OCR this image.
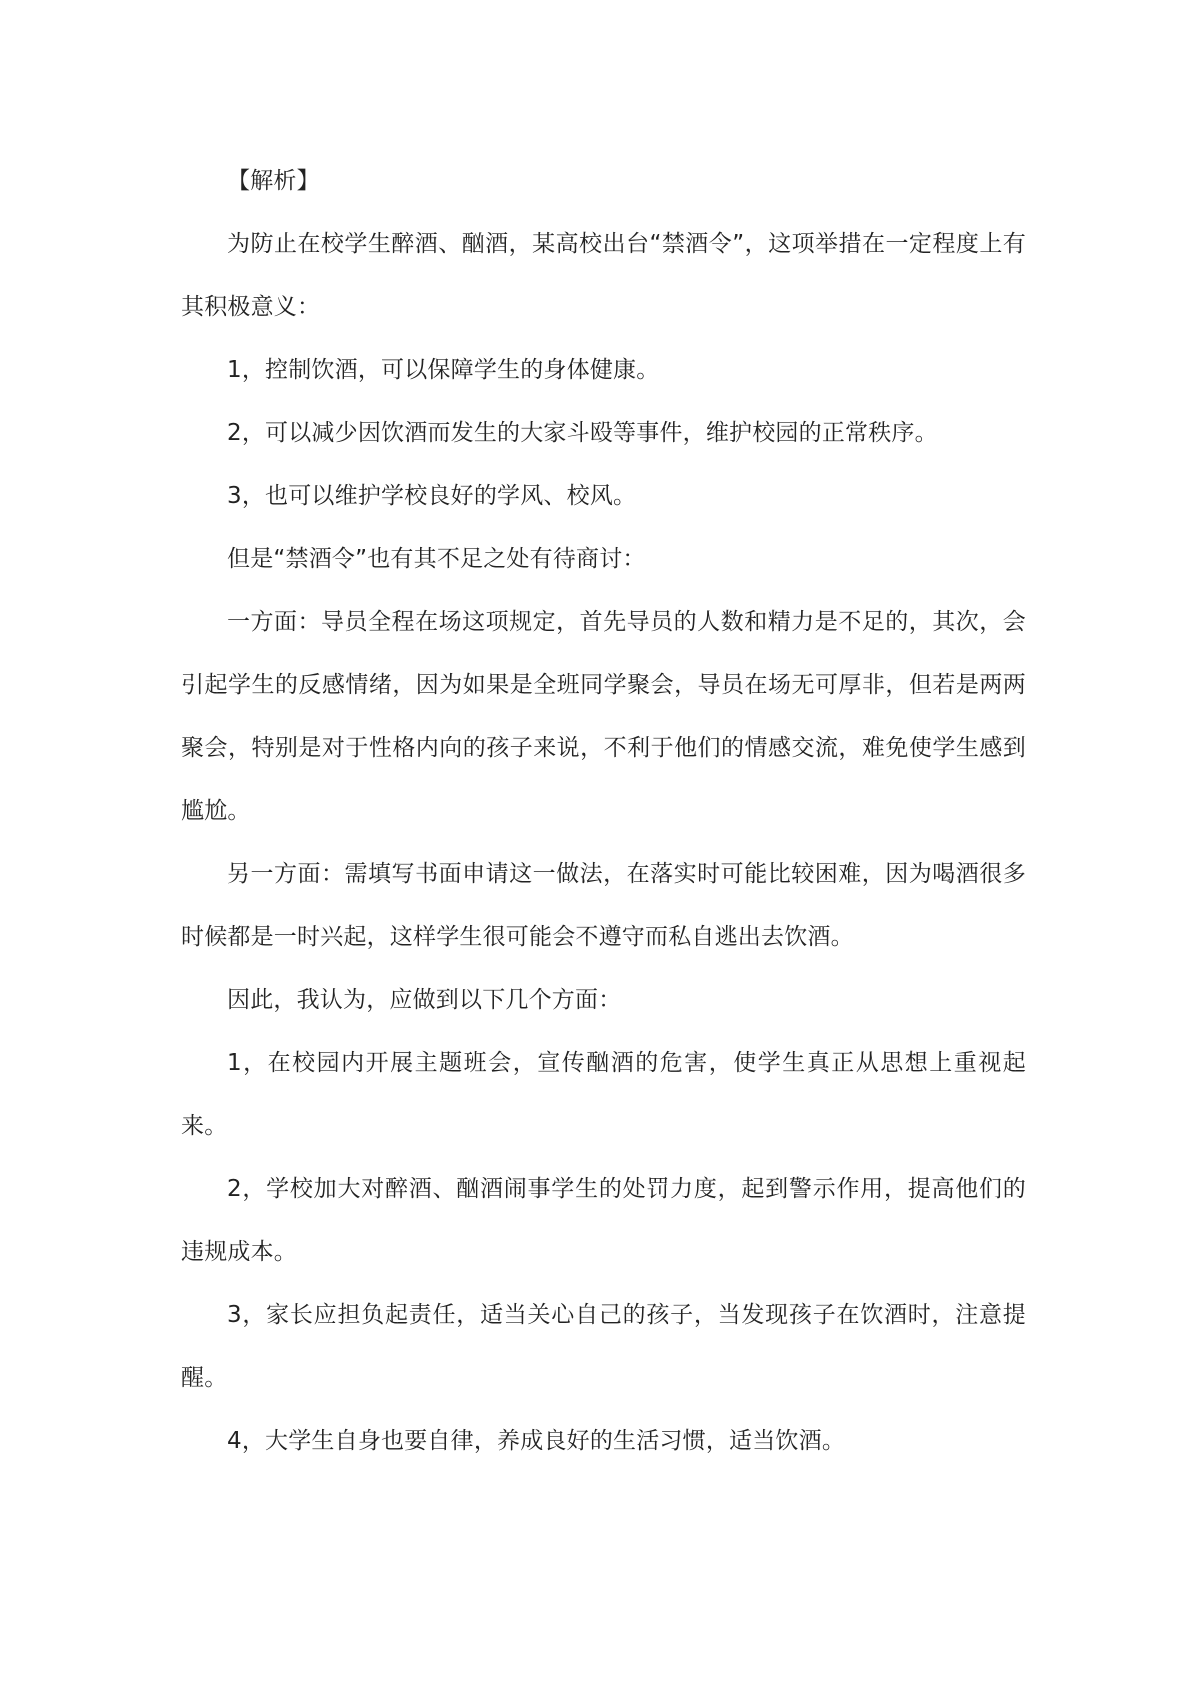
【解析】

为防止在校学生醉酒、酗酒，某高校出台“禁酒令”，这项举措在一定程度上有其积极意义：

1，控制饮酒，可以保障学生的身体健康。

2，可以减少因饮酒而发生的大家斗殴等事件，维护校园的正常秩序。

3，也可以维护学校良好的学风、校风。

但是“禁酒令”也有其不足之处有待商讨：

一方面：导员全程在场这项规定，首先导员的人数和精力是不足的，其次，会引起学生的反感情绪，因为如果是全班同学聚会，导员在场无可厚非，但若是两两聚会，特别是对于性格内向的孩子来说，不利于他们的情感交流，难免使学生感到尴尬。

另一方面：需填写书面申请这一做法，在落实时可能比较困难，因为喝酒很多时候都是一时兴起，这样学生很可能会不遵守而私自逃出去饮酒。

因此，我认为，应做到以下几个方面：

1，在校园内开展主题班会，宣传酗酒的危害，使学生真正从思想上重视起来。

2，学校加大对醉酒、酗酒闹事学生的处罚力度，起到警示作用，提高他们的违规成本。

3，家长应担负起责任，适当关心自己的孩子，当发现孩子在饮酒时，注意提醒。

4，大学生自身也要自律，养成良好的生活习惯，适当饮酒。
